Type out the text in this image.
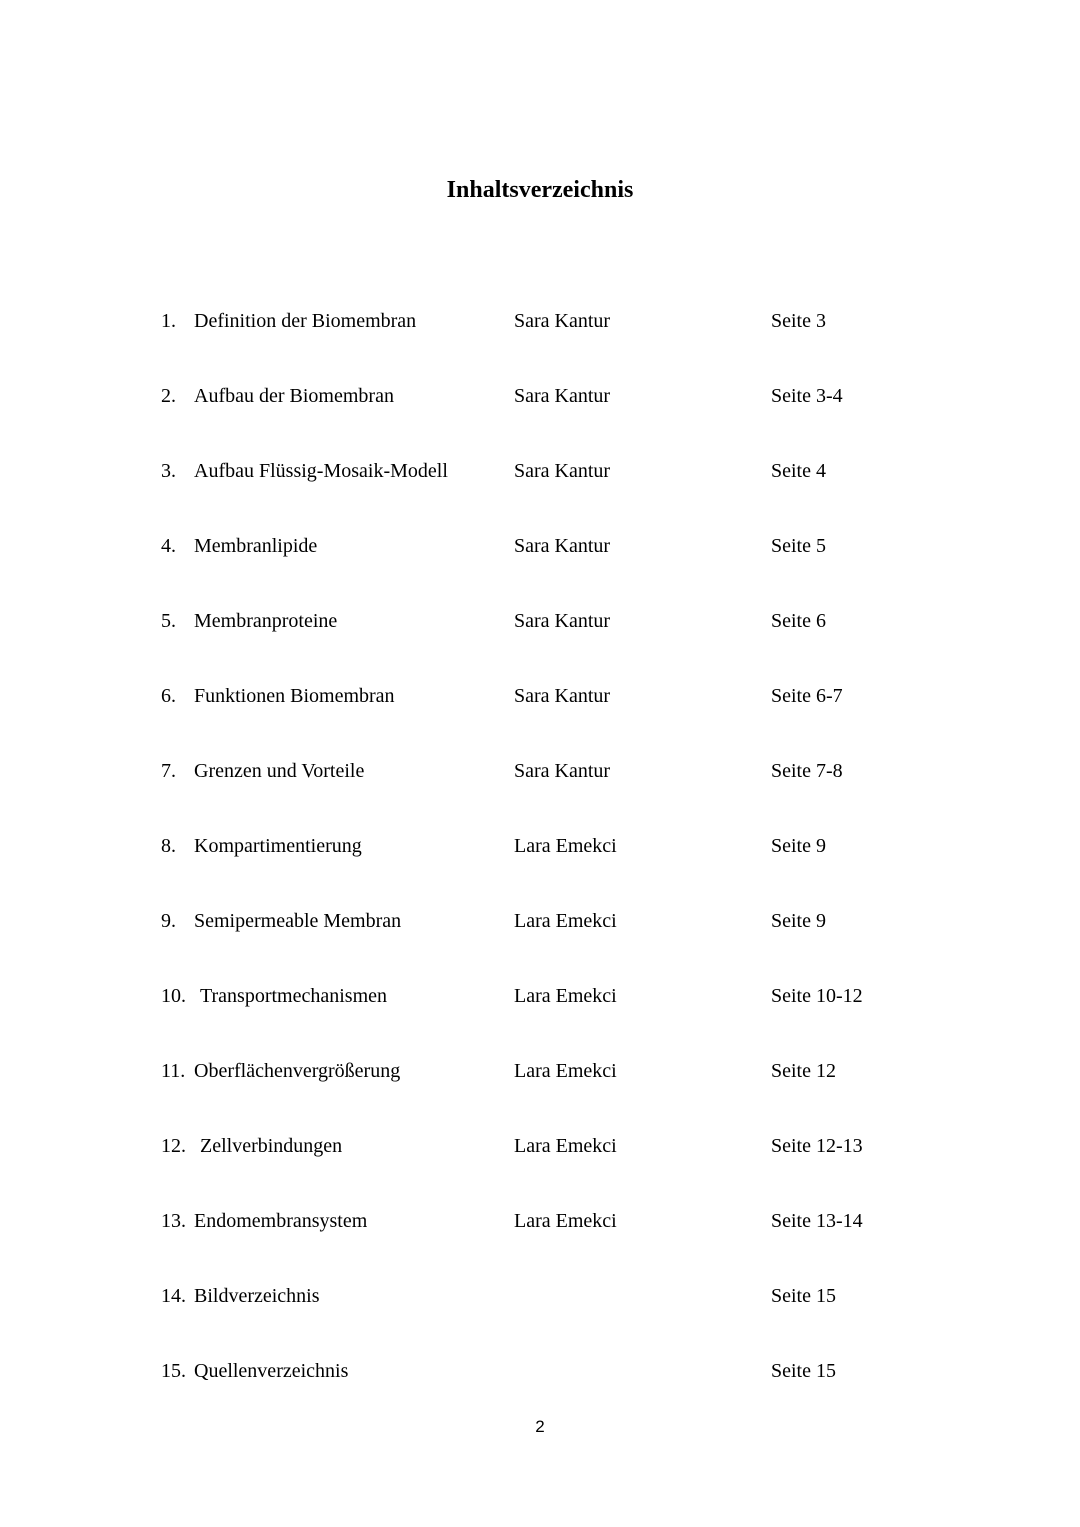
Inhaltsverzeichnis
1. Definition der Biomembran	Sara Kantur	Seite 3
2. Aufbau der Biomembran	Sara Kantur	Seite 3-4
3. Aufbau Flüssig-Mosaik-Modell	Sara Kantur	Seite 4
4. Membranlipide	Sara Kantur	Seite 5
5. Membranproteine	Sara Kantur	Seite 6
6. Funktionen Biomembran	Sara Kantur	Seite 6-7
7. Grenzen und Vorteile	Sara Kantur	Seite 7-8
8. Kompartimentierung	Lara Emekci	Seite 9
9. Semipermeable Membran	Lara Emekci	Seite 9
10. Transportmechanismen	Lara Emekci	Seite 10-12
11. Oberflächenvergrößerung	Lara Emekci	Seite 12
12. Zellverbindungen	Lara Emekci	Seite 12-13
13. Endomembransystem	Lara Emekci	Seite 13-14
14. Bildverzeichnis	Seite 15
15. Quellenverzeichnis	Seite 15
2
